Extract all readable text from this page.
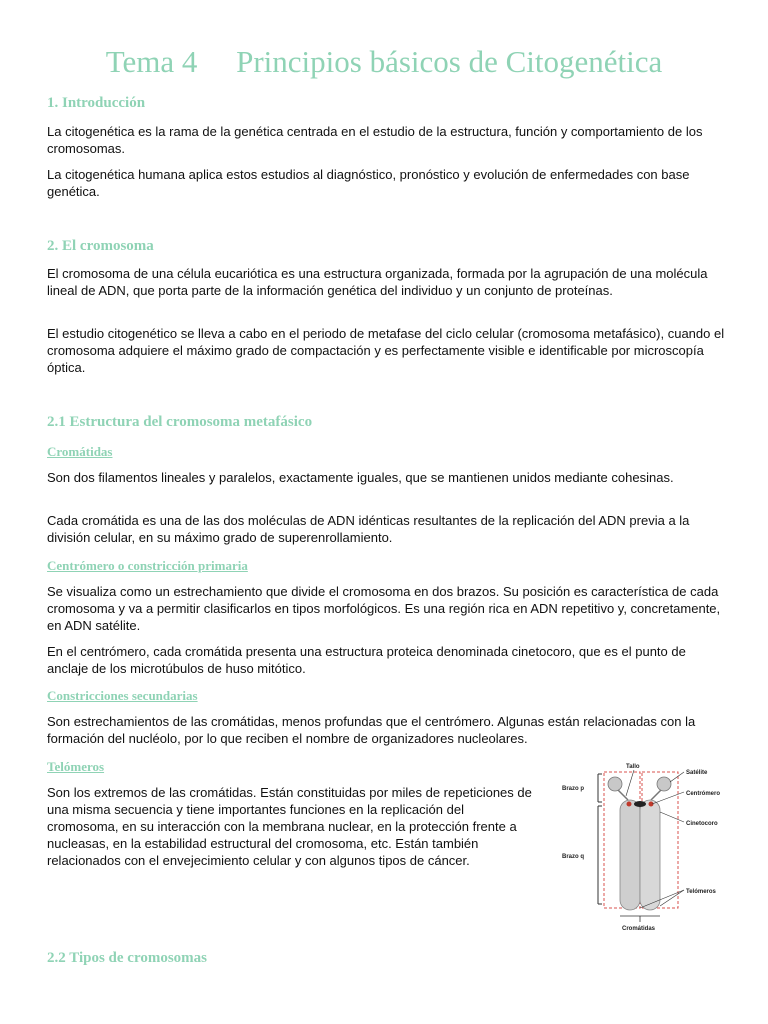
Tema 4     Principios básicos de Citogenética
1. Introducción

La citogenética es la rama de la genética centrada en el estudio de la estructura, función y comportamiento de los cromosomas.

La citogenética humana aplica estos estudios al diagnóstico, pronóstico y evolución de enfermedades con base genética.

2. El cromosoma

El cromosoma de una célula eucariótica es una estructura organizada, formada por la agrupación de una molécula lineal de ADN, que porta parte de la información genética del individuo y un conjunto de proteínas.

El estudio citogenético se lleva a cabo en el periodo de metafase del ciclo celular (cromosoma metafásico), cuando el cromosoma adquiere el máximo grado de compactación y es perfectamente visible e identificable por microscopía óptica.

2.1 Estructura del cromosoma metafásico
Cromátidas

Son dos filamentos lineales y paralelos, exactamente iguales, que se mantienen unidos mediante cohesinas.

Cada cromátida es una de las dos moléculas de ADN idénticas resultantes de la replicación del ADN previa a la división celular, en su máximo grado de superenrollamiento.

Centrómero o constricción primaria

Se visualiza como un estrechamiento que divide el cromosoma en dos brazos. Su posición es característica de cada cromosoma y va a permitir clasificarlos en tipos morfológicos. Es una región rica en ADN repetitivo y, concretamente, en ADN satélite.

En el centrómero, cada cromátida presenta una estructura proteica denominada cinetocoro, que es el punto de anclaje de los microtúbulos de huso mitótico.

Constricciones secundarias

Son estrechamientos de las cromátidas, menos profundas que el centrómero. Algunas están relacionadas con la formación del nucléolo, por lo que reciben el nombre de organizadores nucleolares.

Telómeros

Son los extremos de las cromátidas. Están constituidas por miles de repeticiones de una misma secuencia y tiene importantes funciones en la replicación del cromosoma, en su interacción con la membrana nuclear, en la protección frente a nucleasas, en la estabilidad estructural del cromosoma, etc. Están también relacionados con el envejecimiento celular y con algunos tipos de cáncer.

2.2 Tipos de cromosomas
Tallo
Satélite
Brazo p
Centrómero
Cinetocoro
Brazo q
Telómeros
Cromátidas
